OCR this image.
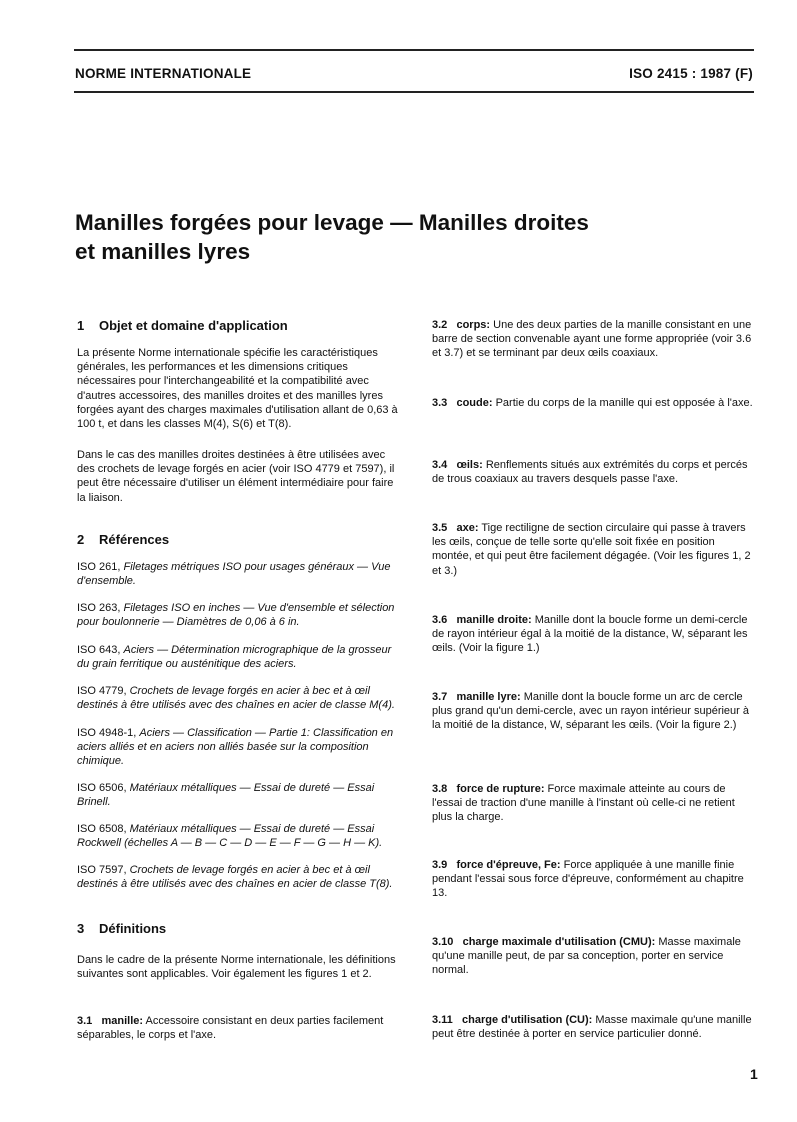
NORME INTERNATIONALE	ISO 2415 : 1987 (F)
Manilles forgées pour levage — Manilles droites
et manilles lyres
1 Objet et domaine d'application
La présente Norme internationale spécifie les caractéristiques générales, les performances et les dimensions critiques nécessaires pour l'interchangeabilité et la compatibilité avec d'autres accessoires, des manilles droites et des manilles lyres forgées ayant des charges maximales d'utilisation allant de 0,63 à 100 t, et dans les classes M(4), S(6) et T(8).
Dans le cas des manilles droites destinées à être utilisées avec des crochets de levage forgés en acier (voir ISO 4779 et 7597), il peut être nécessaire d'utiliser un élément intermédiaire pour faire la liaison.
2 Références
ISO 261, Filetages métriques ISO pour usages généraux — Vue d'ensemble.
ISO 263, Filetages ISO en inches — Vue d'ensemble et sélection pour boulonnerie — Diamètres de 0,06 à 6 in.
ISO 643, Aciers — Détermination micrographique de la grosseur du grain ferritique ou austénitique des aciers.
ISO 4779, Crochets de levage forgés en acier à bec et à œil destinés à être utilisés avec des chaînes en acier de classe M(4).
ISO 4948-1, Aciers — Classification — Partie 1: Classification en aciers alliés et en aciers non alliés basée sur la composition chimique.
ISO 6506, Matériaux métalliques — Essai de dureté — Essai Brinell.
ISO 6508, Matériaux métalliques — Essai de dureté — Essai Rockwell (échelles A — B — C — D — E — F — G — H — K).
ISO 7597, Crochets de levage forgés en acier à bec et à œil destinés à être utilisés avec des chaînes en acier de classe T(8).
3 Définitions
Dans le cadre de la présente Norme internationale, les définitions suivantes sont applicables. Voir également les figures 1 et 2.
3.1 manille: Accessoire consistant en deux parties facilement séparables, le corps et l'axe.
3.2 corps: Une des deux parties de la manille consistant en une barre de section convenable ayant une forme appropriée (voir 3.6 et 3.7) et se terminant par deux œils coaxiaux.
3.3 coude: Partie du corps de la manille qui est opposée à l'axe.
3.4 œils: Renflements situés aux extrémités du corps et percés de trous coaxiaux au travers desquels passe l'axe.
3.5 axe: Tige rectiligne de section circulaire qui passe à travers les œils, conçue de telle sorte qu'elle soit fixée en position montée, et qui peut être facilement dégagée. (Voir les figures 1, 2 et 3.)
3.6 manille droite: Manille dont la boucle forme un demi-cercle de rayon intérieur égal à la moitié de la distance, W, séparant les œils. (Voir la figure 1.)
3.7 manille lyre: Manille dont la boucle forme un arc de cercle plus grand qu'un demi-cercle, avec un rayon intérieur supérieur à la moitié de la distance, W, séparant les œils. (Voir la figure 2.)
3.8 force de rupture: Force maximale atteinte au cours de l'essai de traction d'une manille à l'instant où celle-ci ne retient plus la charge.
3.9 force d'épreuve, Fe: Force appliquée à une manille finie pendant l'essai sous force d'épreuve, conformément au chapitre 13.
3.10 charge maximale d'utilisation (CMU): Masse maximale qu'une manille peut, de par sa conception, porter en service normal.
3.11 charge d'utilisation (CU): Masse maximale qu'une manille peut être destinée à porter en service particulier donné.
1
